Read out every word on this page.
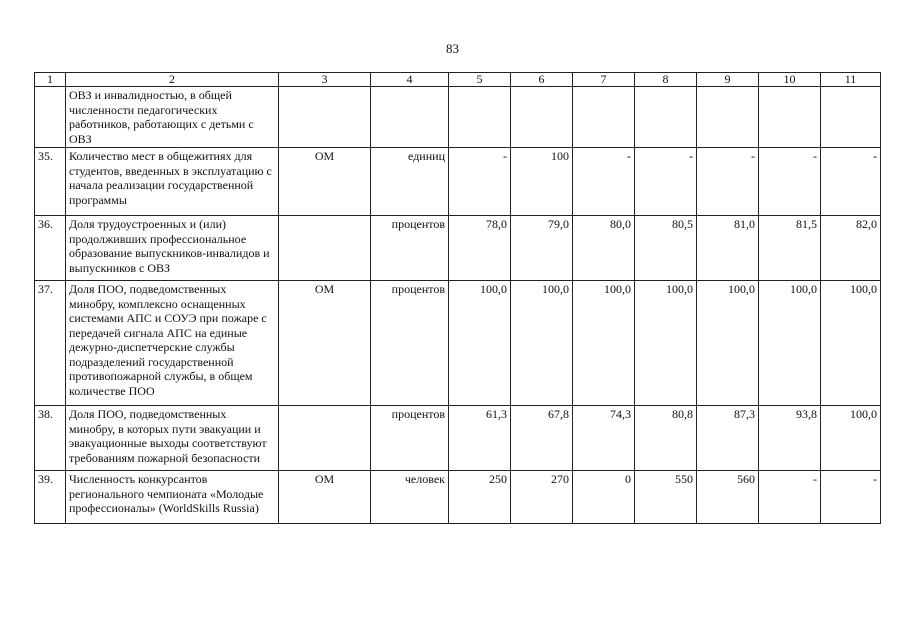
83
1	2	3	4	5	6	7	8	9	10	11
	ОВЗ и инвалидностью, в общей численности педагогических работников, работающих с детьми с ОВЗ									
35.	Количество мест в общежитиях для студентов, введенных в эксплуатацию с начала реализации государственной программы	ОМ	единиц	-	100	-	-	-	-	-
36.	Доля трудоустроенных и (или) продолживших профессиональное образование выпускников-инвалидов и выпускников с ОВЗ		процентов	78,0	79,0	80,0	80,5	81,0	81,5	82,0
37.	Доля ПОО, подведомственных минобру, комплексно оснащенных системами АПС и СОУЭ при пожаре с передачей сигнала АПС на единые дежурно-диспетчерские службы подразделений государственной противопожарной службы, в общем количестве ПОО	ОМ	процентов	100,0	100,0	100,0	100,0	100,0	100,0	100,0
38.	Доля ПОО, подведомственных минобру, в которых пути эвакуации и эвакуационные выходы соответствуют требованиям пожарной безопасности		процентов	61,3	67,8	74,3	80,8	87,3	93,8	100,0
39.	Численность конкурсантов регионального чемпионата «Молодые профессионалы» (WorldSkills Russia)	ОМ	человек	250	270	0	550	560	-	-
